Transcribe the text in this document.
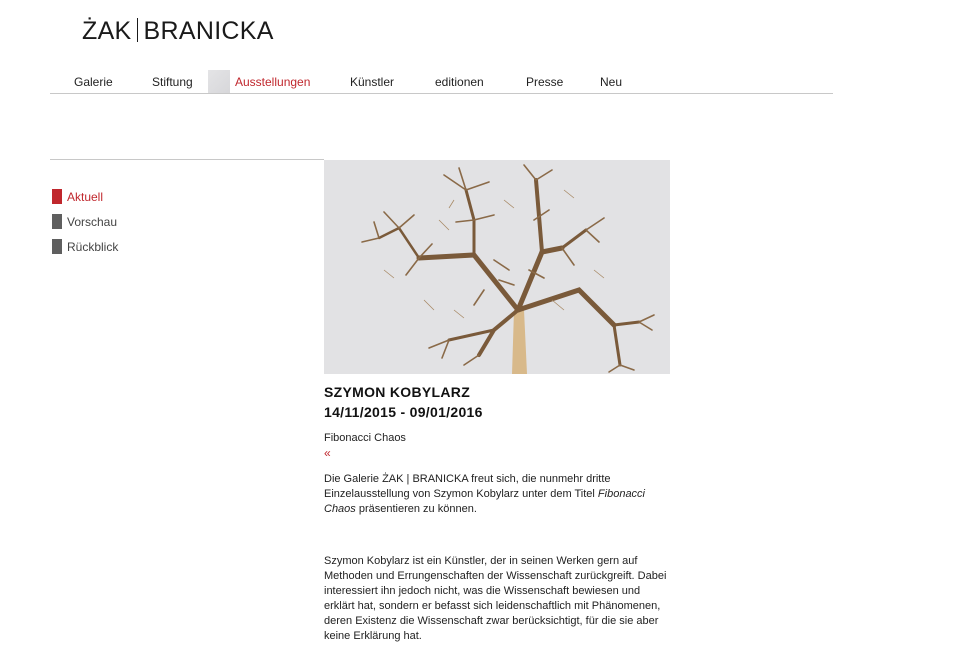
ŻAK BRANICKA
Galerie	Stiftung	Ausstellungen	Künstler	editionen	Presse	Neu
Aktuell
Vorschau
Rückblick
SZYMON KOBYLARZ
14/11/2015 - 09/01/2016
Fibonacci Chaos
«
Die Galerie ŻAK | BRANICKA freut sich, die nunmehr dritte Einzelausstellung von Szymon Kobylarz unter dem Titel Fibonacci Chaos präsentieren zu können.
Szymon Kobylarz ist ein Künstler, der in seinen Werken gern auf Methoden und Errungenschaften der Wissenschaft zurückgreift. Dabei interessiert ihn jedoch nicht, was die Wissenschaft bewiesen und erklärt hat, sondern er befasst sich leidenschaftlich mit Phänomenen, deren Existenz die Wissenschaft zwar berücksichtigt, für die sie aber keine Erklärung hat.
